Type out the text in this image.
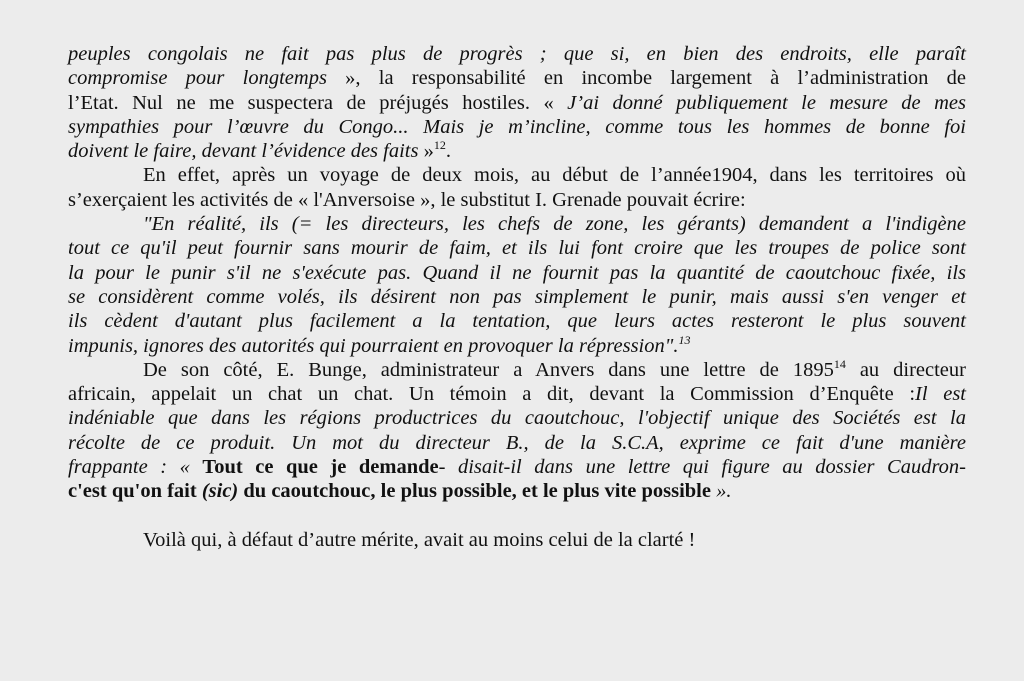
peuples congolais ne fait pas plus de progrès ; que si, en bien des endroits, elle paraît

compromise pour longtemps », la responsabilité en incombe largement à l’administration de

l’Etat. Nul ne me suspectera de préjugés hostiles. « J’ai donné publiquement le mesure de mes

sympathies pour l’œuvre du Congo... Mais je m’incline, comme tous les hommes de bonne foi

doivent le faire, devant l’évidence des faits »$^{12}$.

En effet, après un voyage de deux mois, au début de l’année1904, dans les territoires où

s’exerçaient les activités de « l'Anversoise », le substitut I. Grenade pouvait écrire:

"En réalité, ils (= les directeurs, les chefs de zone, les gérants) demandent a l'indigène

tout ce qu'il peut fournir sans mourir de faim, et ils lui font croire que les troupes de police sont

la pour le punir s'il ne s'exécute pas. Quand il ne fournit pas la quantité de caoutchouc fixée, ils

se considèrent comme volés, ils désirent non pas simplement le punir, mais aussi s'en venger et

ils cèdent d'autant plus facilement a la tentation, que leurs actes resteront le plus souvent

impunis, ignores des autorités qui pourraient en provoquer la répression".$^{13}$

De son côté, E. Bunge, administrateur a Anvers dans une lettre de 1895$^{14}$ au directeur

africain, appelait un chat un chat. Un témoin a dit, devant la Commission d’Enquête :Il est

indéniable que dans les régions productrices du caoutchouc, l'objectif unique des Sociétés est la

récolte de ce produit. Un mot du directeur B., de la S.C.A, exprime ce fait d'une manière

frappante : « Tout ce que je demande- disait-il dans une lettre qui figure au dossier Caudron-

c'est qu'on fait (sic) du caoutchouc, le plus possible, et le plus vite possible ».

Voilà qui, à défaut d’autre mérite, avait au moins celui de la clarté !
